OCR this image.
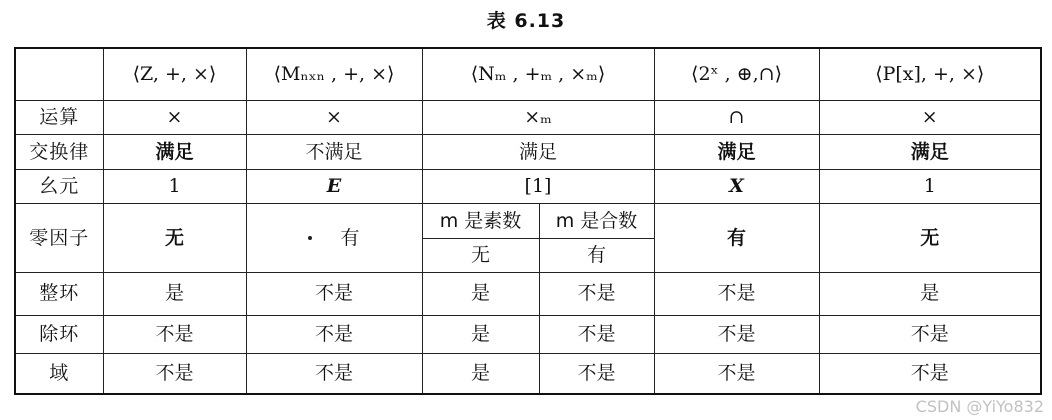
表 6.13
	⟨Z, +, ×⟩	⟨Mₙₓₙ , +, ×⟩	⟨Nₘ , +ₘ , ×ₘ⟩		⟨2ˣ , ⊕,∩⟩	⟨P[x], +, ×⟩
运算	×	×	×ₘ		∩	×
交换律	满足	不满足	满足		满足	满足
幺元	1	E	[1]		X	1
零因子	无	有	m 是素数	m 是合数	有	无
			无	有		
整环	是	不是	是	不是	不是	是
除环	不是	不是	是	不是	不是	不是
域	不是	不是	是	不是	不是	不是
CSDN @YiYo832
